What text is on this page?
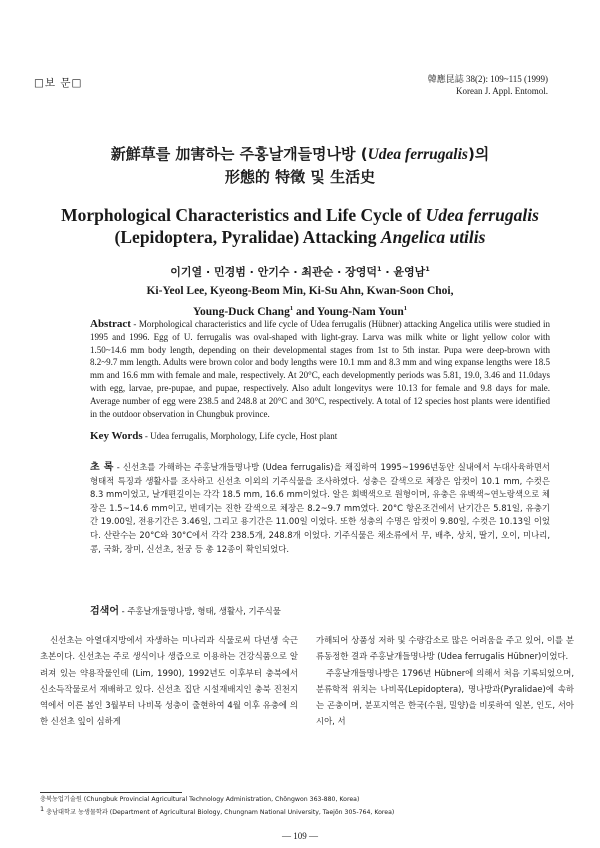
□보 문□	韓應昆誌 38(2): 109~115 (1999)
Korean J. Appl. Entomol.
新鮮草를 加害하는 주홍날개들명나방 (Udea ferrugalis)의
形態的 特徵 및 生活史
Morphological Characteristics and Life Cycle of Udea ferrugalis
(Lepidoptera, Pyralidae) Attacking Angelica utilis
이기열 · 민경범 · 안기수 · 최관순 · 장영덕$^1$ · 윤영남$^1$
Ki-Yeol Lee, Kyeong-Beom Min, Ki-Su Ahn, Kwan-Soon Choi,
Young-Duck Chang$^1$ and Young-Nam Youn$^1$
Abstract - Morphological characteristics and life cycle of Udea ferrugalis (Hübner) attacking Angelica utilis were studied in 1995 and 1996. Egg of U. ferrugalis was oval-shaped with light-gray. Larva was milk white or light yellow color with 1.50~14.6 mm body length, depending on their developmental stages from 1st to 5th instar. Pupa were deep-brown with 8.2~9.7 mm length. Adults were brown color and body lengths were 10.1 mm and 8.3 mm and wing expanse lengths were 18.5 mm and 16.6 mm with female and male, respectively. At 20°C, each developmently periods was 5.81, 19.0, 3.46 and 11.0days with egg, larvae, pre-pupae, and pupae, respectively. Also adult longevitys were 10.13 for female and 9.8 days for male. Average number of egg were 238.5 and 248.8 at 20°C and 30°C, respectively. A total of 12 species host plants were identified in the outdoor observation in Chungbuk province.
Key Words - Udea ferrugalis, Morphology, Life cycle, Host plant
초 록 - 신선초를 가해하는 주홍날개들명나방 (Udea ferrugalis)을 채집하여 1995~1996년동안 실내에서 누대사육하면서 형태적 특징과 생활사를 조사하고 신선초 이외의 기주식물을 조사하였다. 성충은 갈색으로 체장은 암컷이 10.1 mm, 수컷은 8.3 mm이었고, 날개편길이는 각각 18.5 mm, 16.6 mm이었다. 알은 회백색으로 원형이며, 유충은 유백색~연노랑색으로 체장은 1.5~14.6 mm이고, 번데기는 진한 갈색으로 체장은 8.2~9.7 mm였다. 20°C 항온조건에서 난기간은 5.81일, 유충기간 19.00일, 전용기간은 3.46일, 그리고 용기간은 11.00일 이었다. 또한 성충의 수명은 암컷이 9.80일, 수컷은 10.13일 이었다. 산란수는 20°C와 30°C에서 각각 238.5개, 248.8개 이었다. 기주식물은 채소류에서 무, 배추, 상치, 딸기, 오이, 미나리, 콩, 국화, 장미, 신선초, 천궁 등 총 12종이 확인되었다.
검색어 - 주홍날개들명나방, 형태, 생활사, 기주식물

신선초는 아열대지방에서 자생하는 미나리과 식물로써 다년생 숙근초본이다. 신선초는 주로 생식이나 생즙으로 이용하는 건강식품으로 알려져 있는 약용작물인데 (Lim, 1990), 1992년도 이후부터 충북에서 신소득작물로서 재배하고 있다. 신선초 집단 시설재배지인 충북 진천지역에서 이른 봄인 3월부터 나비목 성충이 출현하여 4월 이후 유충에 의한 신선초 잎이 심하게

가해되어 상품성 저하 및 수량감소로 많은 어려움을 주고 있어, 이를 분류동정한 결과 주홍날개들명나방 (Udea ferrugalis Hübner)이었다.

주홍날개들명나방은 1796년 Hübner에 의해서 처음 기록되었으며, 분류학적 위치는 나비목(Lepidoptera), 명나방과(Pyralidae)에 속하는 곤충이며, 분포지역은 한국(수원, 밀양)을 비롯하여 일본, 인도, 서아시아, 서

충북농업기술원 (Chungbuk Provincial Agricultural Technology Administration, Chŏngwon 363-880, Korea)
$^1$ 충남대학교 농생물학과 (Department of Agricultural Biology, Chungnam National University, Taejŏn 305-764, Korea)
— 109 —
